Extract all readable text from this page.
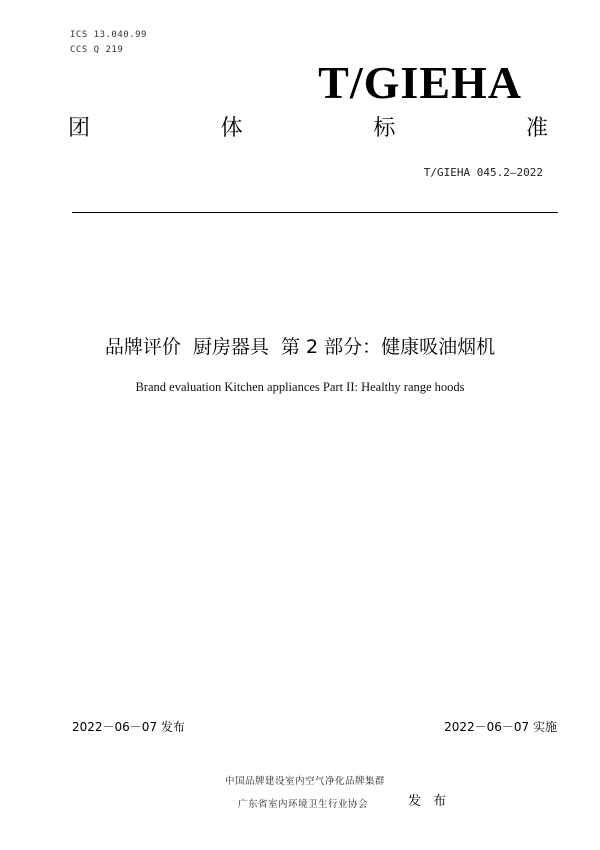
ICS 13.040.99
CCS Q 219
T/GIEHA
团	体	标	准
T/GIEHA 045.2—2022
品牌评价  厨房器具  第 2 部分：健康吸油烟机
Brand evaluation Kitchen appliances Part II: Healthy range hoods
2022－06－07 发布	2022－06－07 实施
中国品牌建设室内空气净化品牌集群
广东省室内环境卫生行业协会	发 布
